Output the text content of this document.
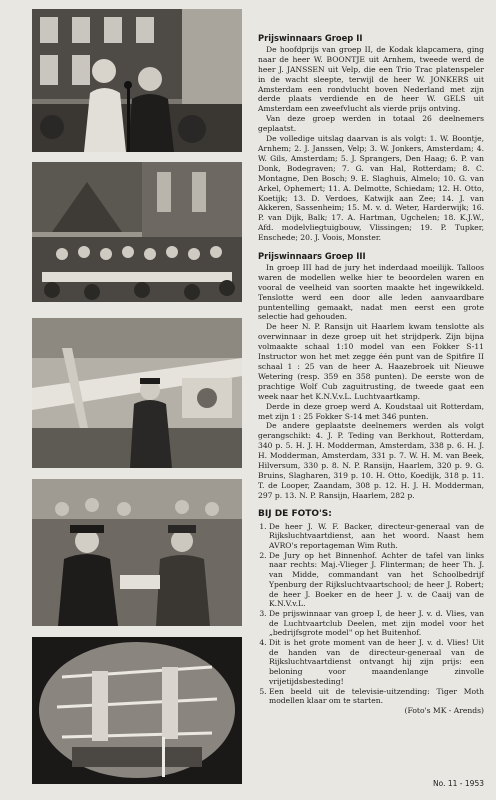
Prijswinnaars Groep II

De hoofdprijs van groep II, de Kodak klapcamera, ging naar de heer W. BOONTJE uit Arnhem, tweede werd de heer J. JANSSEN uit Velp, die een Trio Trac platenspeler in de wacht sleepte, terwijl de heer W. JONKERS uit Amsterdam een rondvlucht boven Nederland met zijn derde plaats verdiende en de heer W. GELS uit Amsterdam een zweefvlucht als vierde prijs ontving.

Van deze groep werden in totaal 26 deelnemers geplaatst.

De volledige uitslag daarvan is als volgt: 1. W. Boontje, Arnhem; 2. J. Janssen, Velp; 3. W. Jonkers, Amsterdam; 4. W. Gils, Amsterdam; 5. J. Sprangers, Den Haag; 6. P. van Donk, Bodegraven; 7. G. van Hal, Rotterdam; 8. C. Montagne, Den Bosch; 9. E. Slaghuis, Almelo; 10. G. van Arkel, Ophemert; 11. A. Delmotte, Schiedam; 12. H. Otto, Koetijk; 13. D. Verdoes, Katwijk aan Zee; 14. J. van Akkeren, Sassenheim; 15. M. v. d. Weter, Harderwijk; 16. P. van Dijk, Balk; 17. A. Hartman, Ugchelen; 18. K.J.W., Afd. modelvliegtuigbouw, Vlissingen; 19. P. Tupker, Enschede; 20. J. Voois, Monster.

Prijswinnaars Groep III

In groep III had de jury het inderdaad moeilijk. Talloos waren de modellen welke hier te beoordelen waren en vooral de veelheid van soorten maakte het ingewikkeld. Tenslotte werd een door alle leden aanvaardbare puntentelling gemaakt, nadat men eerst een grote selectie had gehouden.

De heer N. P. Ransijn uit Haarlem kwam tenslotte als overwinnaar in deze groep uit het strijdperk. Zijn bijna volmaakte schaal 1:10 model van een Fokker S-11 Instructor won het met zegge één punt van de Spitfire II schaal 1 : 25 van de heer A. Haazebroek uit Nieuwe Wetering (resp. 359 en 358 punten). De eerste won de prachtige Wolf Cub zaguitrusting, de tweede gaat een week naar het K.N.V.v.L. Luchtvaartkamp.

Derde in deze groep werd A. Koudstaal uit Rotterdam, met zijn 1 : 25 Fokker S-14 met 346 punten.

De andere geplaatste deelnemers werden als volgt gerangschikt: 4. J. P. Teding van Berkhout, Rotterdam, 340 p. 5. H. J. H. Modderman, Amsterdam, 338 p. 6. H. J. H. Modderman, Amsterdam, 331 p. 7. W. H. M. van Beek, Hilversum, 330 p. 8. N. P. Ransijn, Haarlem, 320 p. 9. G. Bruins, Slagharen, 319 p. 10. H. Otto, Koedijk, 318 p. 11. T. de Looper, Zaandam, 308 p. 12. H. J. H. Modderman, 297 p. 13. N. P. Ransijn, Haarlem, 282 p.

BIJ DE FOTO'S:
1. De heer J. W. F. Backer, directeur-generaal van de Rijksluchtvaartdienst, aan het woord. Naast hem AVRO's reportageman Wim Ruth.
2. De Jury op het Binnenhof. Achter de tafel van links naar rechts: Maj.-Vlieger J. Flinterman; de heer Th. J. van Midde, commandant van het Schoolbedrijf Ypenburg der Rijksluchtvaartschool; de heer J. Robert; de heer J. Boeker en de heer J. v. de Caaij van de K.N.V.v.L.
3. De prijswinnaar van groep I, de heer J. v. d. Vlies, van de Luchtvaartclub Deelen, met zijn model voor het „bedrijfsgrote model" op het Buitenhof.
4. Dit is het grote moment van de heer J. v. d. Vlies! Uit de handen van de directeur-generaal van de Rijksluchtvaartdienst ontvangt hij zijn prijs: een beloning voor maandenlange zinvolle vrijetijdsbesteding!
5. Een beeld uit de televisie-uitzending: Tiger Moth modellen klaar om te starten.

(Foto's MK - Arends)

No. 11 - 1953
